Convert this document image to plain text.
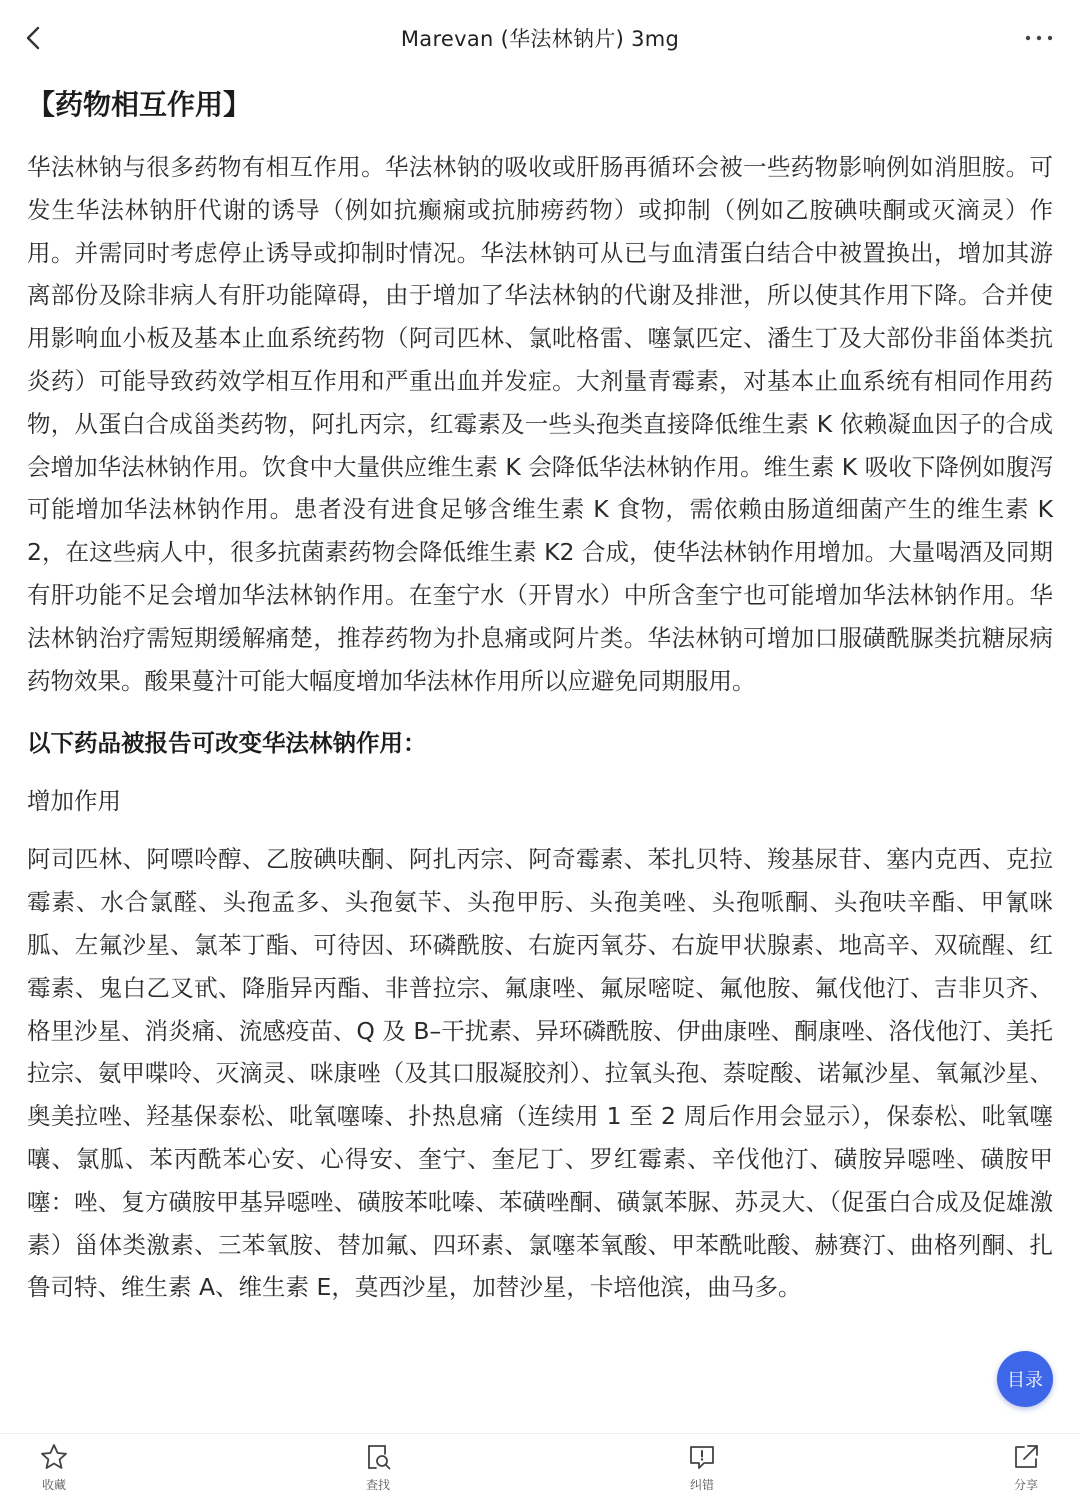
Marevan (华法林钠片) 3mg
【药物相互作用】

华法林钠与很多药物有相互作用。华法林钠的吸收或肝肠再循环会被一些药物影响例如消胆胺。可发生华法林钠肝代谢的诱导（例如抗癫痫或抗肺痨药物）或抑制（例如乙胺碘呋酮或灭滴灵）作用。并需同时考虑停止诱导或抑制时情况。华法林钠可从已与血清蛋白结合中被置换出，增加其游离部份及除非病人有肝功能障碍，由于增加了华法林钠的代谢及排泄，所以使其作用下降。合并使用影响血小板及基本止血系统药物（阿司匹林、氯吡格雷、噻氯匹定、潘生丁及大部份非甾体类抗炎药）可能导致药效学相互作用和严重出血并发症。大剂量青霉素，对基本止血系统有相同作用药物，从蛋白合成甾类药物，阿扎丙宗，红霉素及一些头孢类直接降低维生素 K 依赖凝血因子的合成会增加华法林钠作用。饮食中大量供应维生素 K 会降低华法林钠作用。维生素 K 吸收下降例如腹泻可能增加华法林钠作用。患者没有进食足够含维生素 K 食物，需依赖由肠道细菌产生的维生素 K2，在这些病人中，很多抗菌素药物会降低维生素 K2 合成，使华法林钠作用增加。大量喝酒及同期有肝功能不足会增加华法林钠作用。在奎宁水（开胃水）中所含奎宁也可能增加华法林钠作用。华法林钠治疗需短期缓解痛楚，推荐药物为扑息痛或阿片类。华法林钠可增加口服磺酰脲类抗糖尿病药物效果。酸果蔓汁可能大幅度增加华法林作用所以应避免同期服用。

以下药品被报告可改变华法林钠作用：
增加作用

阿司匹林、阿嘌呤醇、乙胺碘呋酮、阿扎丙宗、阿奇霉素、苯扎贝特、羧基尿苷、塞内克西、克拉霉素、水合氯醛、头孢孟多、头孢氨苄、头孢甲肟、头孢美唑、头孢哌酮、头孢呋辛酯、甲氰咪胍、左氟沙星、氯苯丁酯、可待因、环磷酰胺、右旋丙氧芬、右旋甲状腺素、地高辛、双硫醒、红霉素、鬼白乙叉甙、降脂异丙酯、非普拉宗、氟康唑、氟尿嘧啶、氟他胺、氟伐他汀、吉非贝齐、格里沙星、消炎痛、流感疫苗、Q 及 B–干扰素、异环磷酰胺、伊曲康唑、酮康唑、洛伐他汀、美托拉宗、氨甲喋呤、灭滴灵、咪康唑（及其口服凝胶剂）、拉氧头孢、萘啶酸、诺氟沙星、氧氟沙星、奥美拉唑、羟基保泰松、吡氧噻嗪、扑热息痛（连续用 1 至 2 周后作用会显示），保泰松、吡氧噻嚷、氯胍、苯丙酰苯心安、心得安、奎宁、奎尼丁、罗红霉素、辛伐他汀、磺胺异噁唑、磺胺甲噻：唑、复方磺胺甲基异噁唑、磺胺苯吡嗪、苯磺唑酮、磺氯苯脲、苏灵大、（促蛋白合成及促雄激素）甾体类激素、三苯氧胺、替加氟、四环素、氯噻苯氧酸、甲苯酰吡酸、赫赛汀、曲格列酮、扎鲁司特、维生素 A、维生素 E，莫西沙星，加替沙星，卡培他滨，曲马多。

目录
收藏	查找	纠错	分享
